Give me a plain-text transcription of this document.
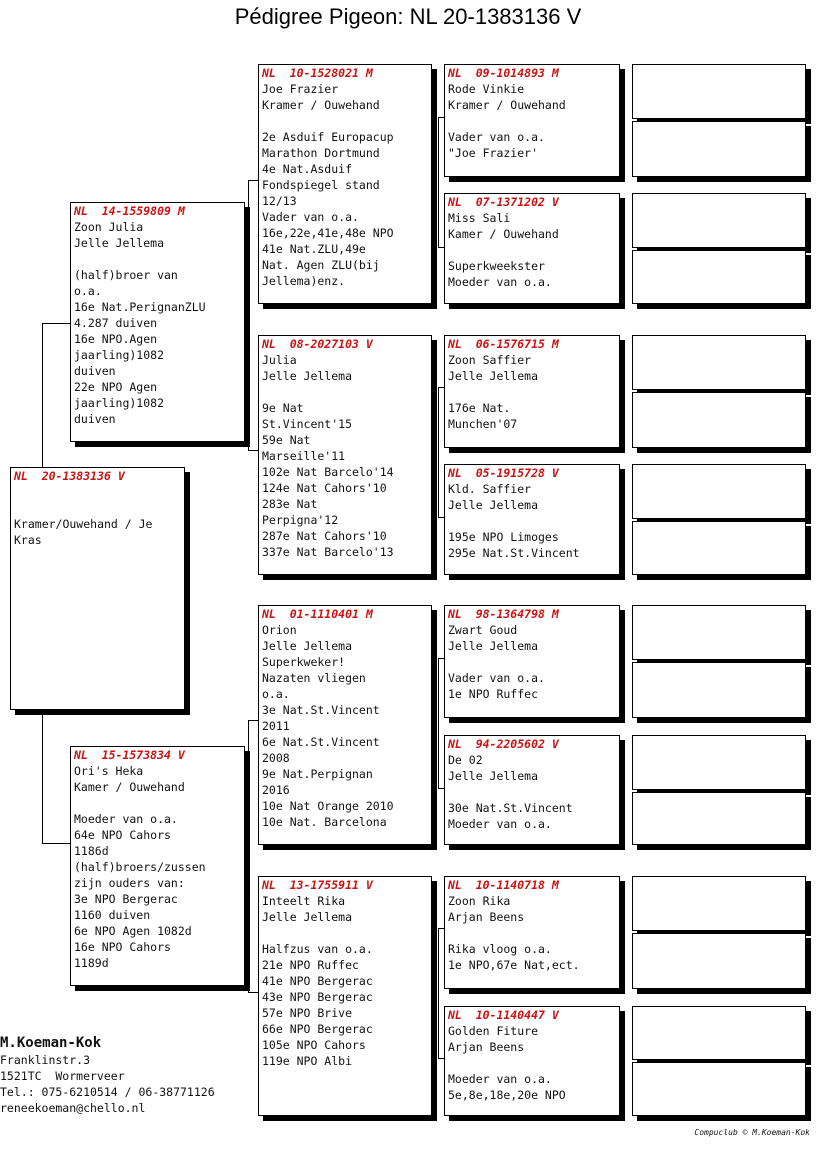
Pédigree Pigeon: NL 20-1383136 V
NL  20-1383136 V
Kramer/Ouwehand / Je
Kras
NL  14-1559809 M
Zoon Julia
Jelle Jellema
(half)broer van
o.a.
16e Nat.PerignanZLU
4.287 duiven
16e NPO.Agen
jaarling)1082
duiven
22e NPO Agen
jaarling)1082
duiven
NL  15-1573834 V
Ori's Heka
Kamer / Ouwehand
Moeder van o.a.
64e NPO Cahors
1186d
(half)broers/zussen
zijn ouders van:
3e NPO Bergerac
1160 duiven
6e NPO Agen 1082d
16e NPO Cahors
1189d
NL  10-1528021 M
Joe Frazier
Kramer / Ouwehand
2e Asduif Europacup
Marathon Dortmund
4e Nat.Asduif
Fondspiegel stand
12/13
Vader van o.a.
16e,22e,41e,48e NPO
41e Nat.ZLU,49e
Nat. Agen ZLU(bij
Jellema)enz.
NL  08-2027103 V
Julia
Jelle Jellema
9e Nat
St.Vincent'15
59e Nat
Marseille'11
102e Nat Barcelo'14
124e Nat Cahors'10
283e Nat
Perpigna'12
287e Nat Cahors'10
337e Nat Barcelo'13
NL  01-1110401 M
Orion
Jelle Jellema
Superkweker!
Nazaten vliegen
o.a.
3e Nat.St.Vincent
2011
6e Nat.St.Vincent
2008
9e Nat.Perpignan
2016
10e Nat Orange 2010
10e Nat. Barcelona
NL  13-1755911 V
Inteelt Rika
Jelle Jellema
Halfzus van o.a.
21e NPO Ruffec
41e NPO Bergerac
43e NPO Bergerac
57e NPO Brive
66e NPO Bergerac
105e NPO Cahors
119e NPO Albi
NL  09-1014893 M
Rode Vinkie
Kramer / Ouwehand
Vader van o.a.
"Joe Frazier'
NL  07-1371202 V
Miss Sali
Kamer / Ouwehand
Superkweekster
Moeder van o.a.
NL  06-1576715 M
Zoon Saffier
Jelle Jellema
176e Nat.
Munchen'07
NL  05-1915728 V
Kld. Saffier
Jelle Jellema
195e NPO Limoges
295e Nat.St.Vincent
NL  98-1364798 M
Zwart Goud
Jelle Jellema
Vader van o.a.
1e NPO Ruffec
NL  94-2205602 V
De 02
Jelle Jellema
30e Nat.St.Vincent
Moeder van o.a.
NL  10-1140718 M
Zoon Rika
Arjan Beens
Rika vloog o.a.
1e NPO,67e Nat,ect.
NL  10-1140447 V
Golden Fiture
Arjan Beens
Moeder van o.a.
5e,8e,18e,20e NPO
M.Koeman-Kok
Franklinstr.3
1521TC  Wormerveer
Tel.: 075-6210514 / 06-38771126
reneekoeman@chello.nl
Compuclub © M.Koeman-Kok
